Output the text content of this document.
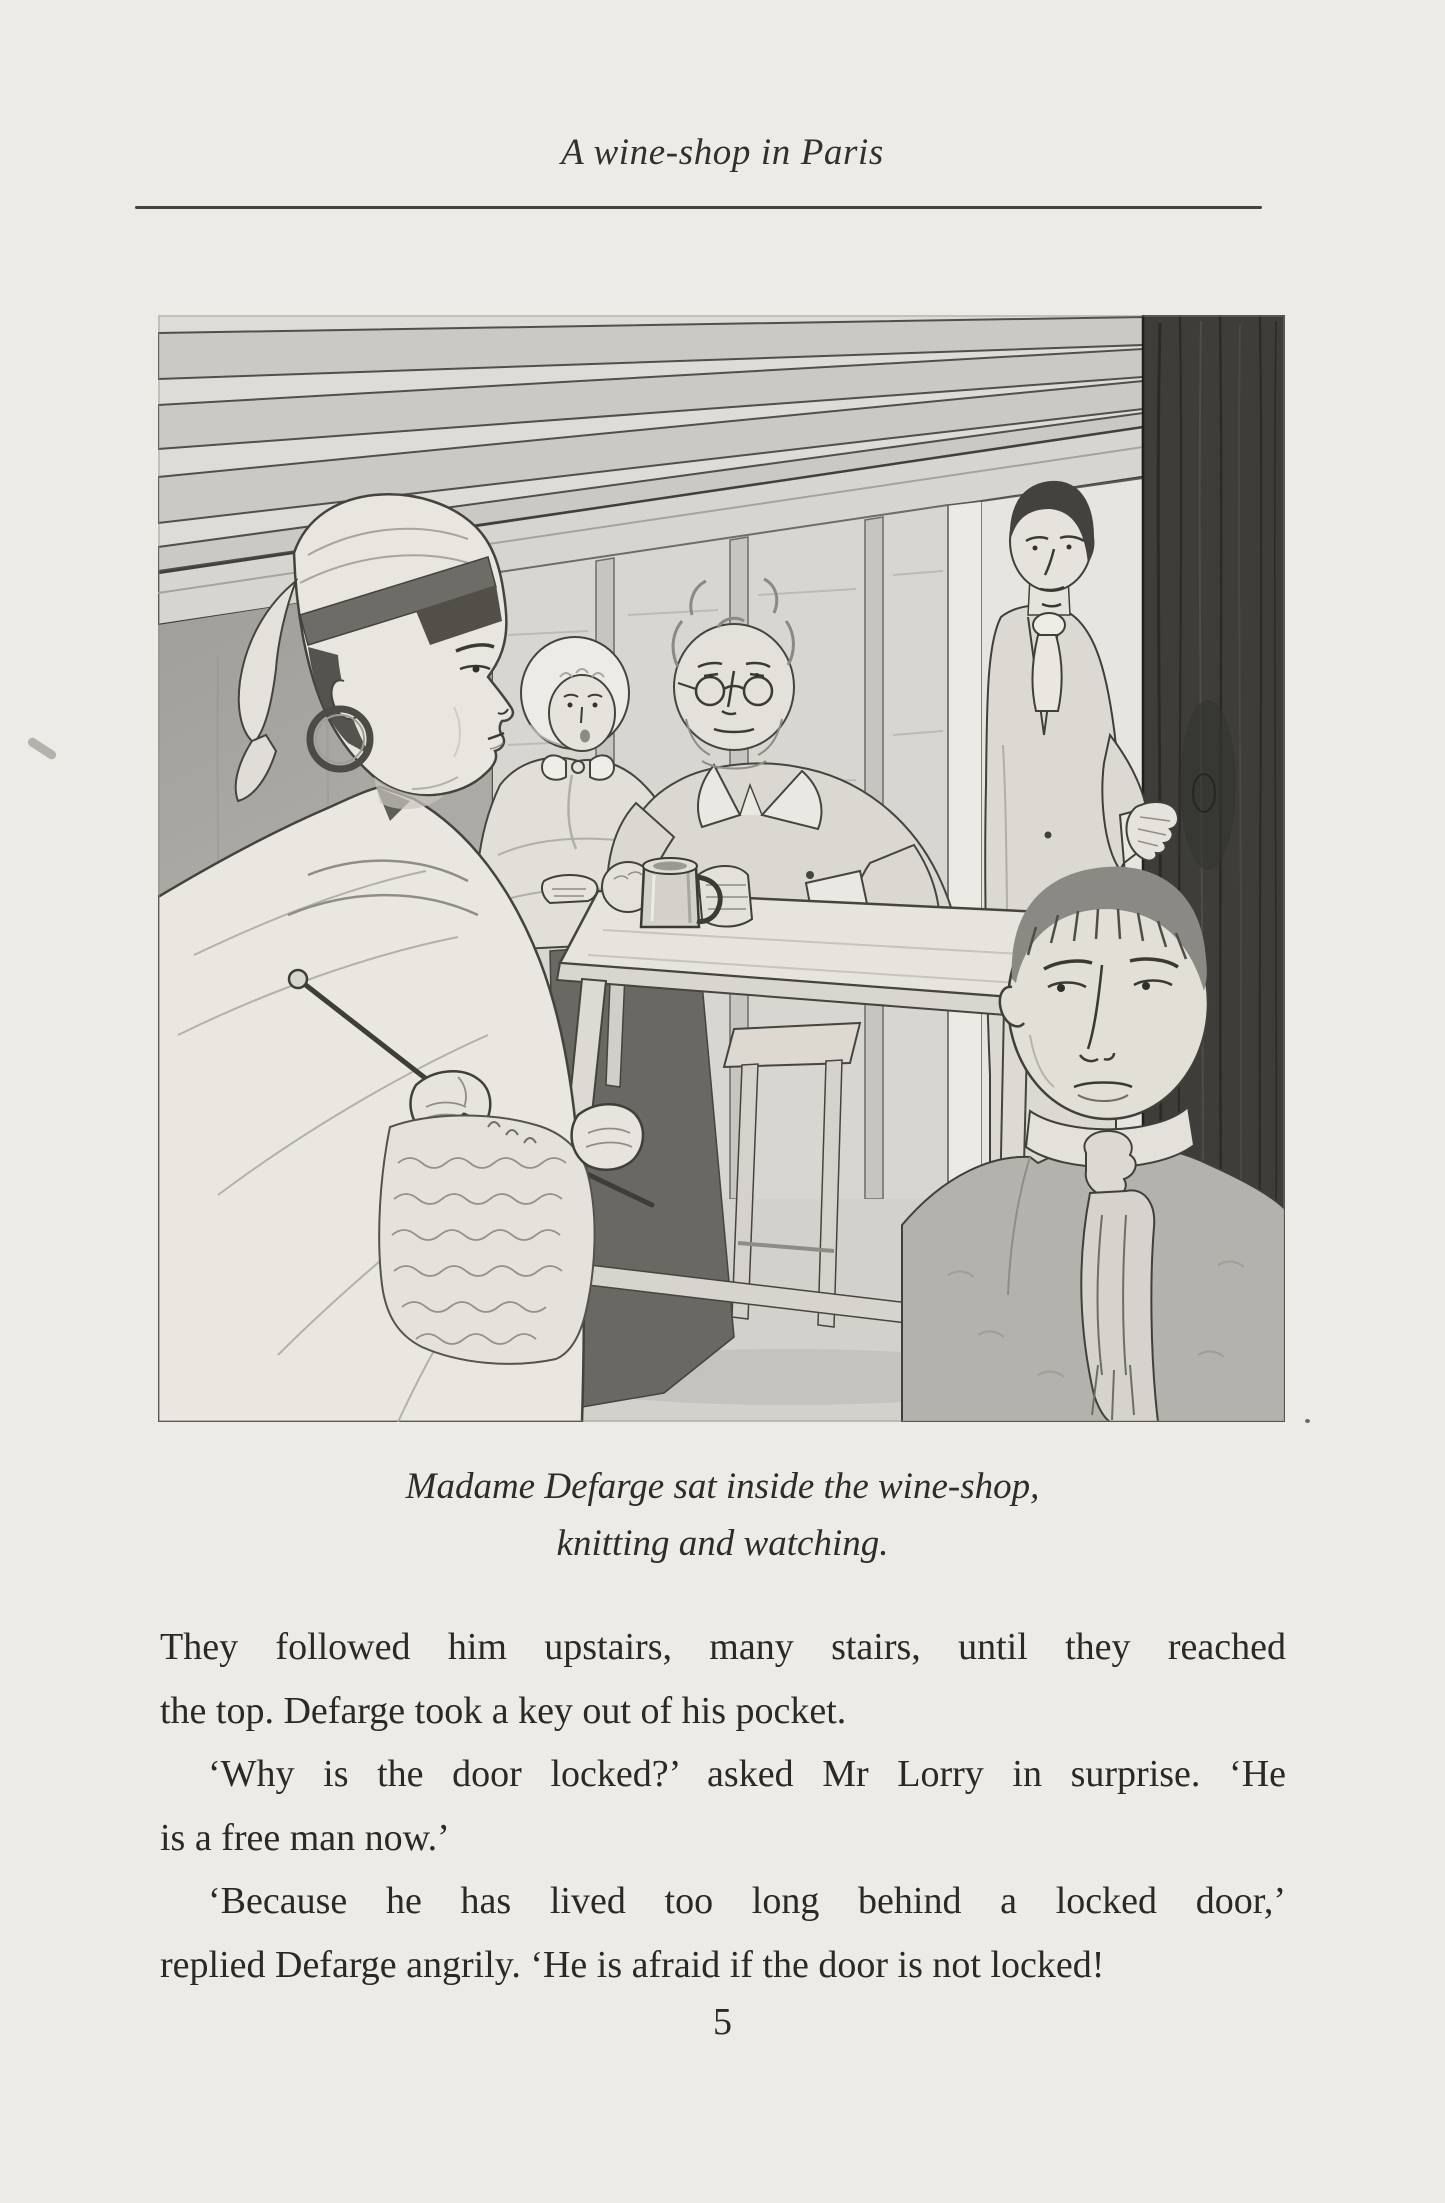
A wine-shop in Paris
Madame Defarge sat inside the wine-shop,
knitting and watching.

They followed him upstairs, many stairs, until they reached
the top. Defarge took a key out of his pocket.

‘Why is the door locked?’ asked Mr Lorry in surprise. ‘He
is a free man now.’

‘Because he has lived too long behind a locked door,’
replied Defarge angrily. ‘He is afraid if the door is not locked!

5
